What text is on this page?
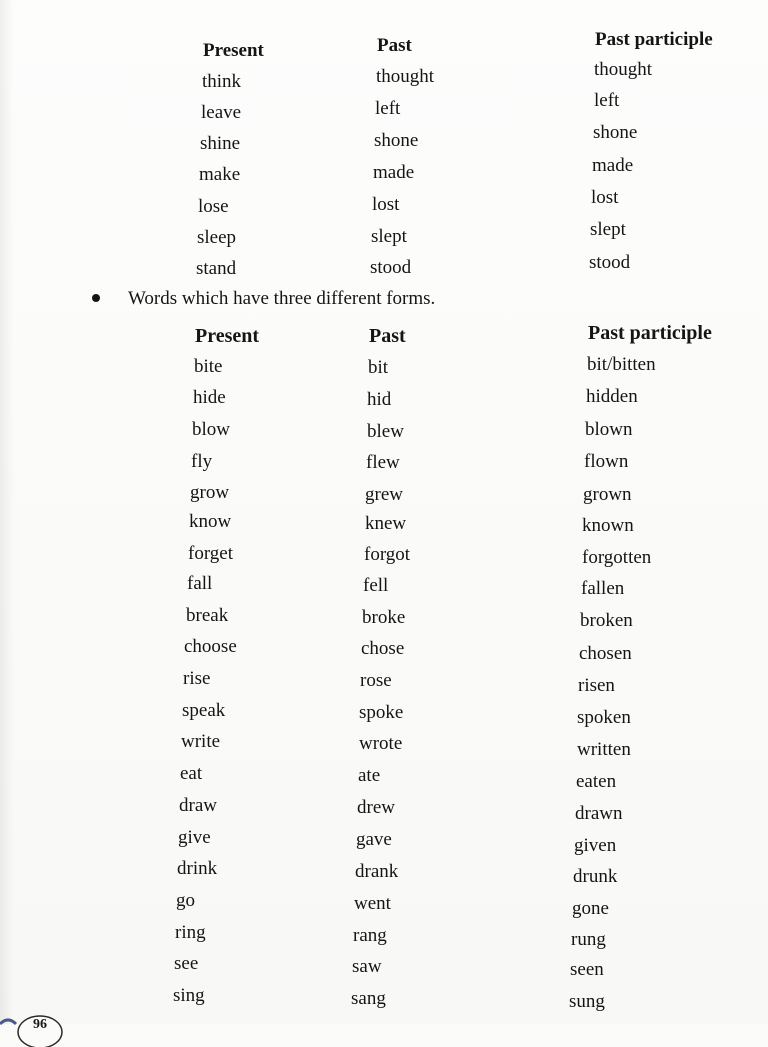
Present	Past	Past participle
think	thought	thought
leave	left	left
shine	shone	shone
make	made	made
lose	lost	lost
sleep	slept	slept
stand	stood	stood
Words which have three different forms.
Present	Past	Past participle
bite	bit	bit/bitten
hide	hid	hidden
blow	blew	blown
fly	flew	flown
grow	grew	grown
know	knew	known
forget	forgot	forgotten
fall	fell	fallen
break	broke	broken
choose	chose	chosen
rise	rose	risen
speak	spoke	spoken
write	wrote	written
eat	ate	eaten
draw	drew	drawn
give	gave	given
drink	drank	drunk
go	went	gone
ring	rang	rung
see	saw	seen
sing	sang	sung
96
